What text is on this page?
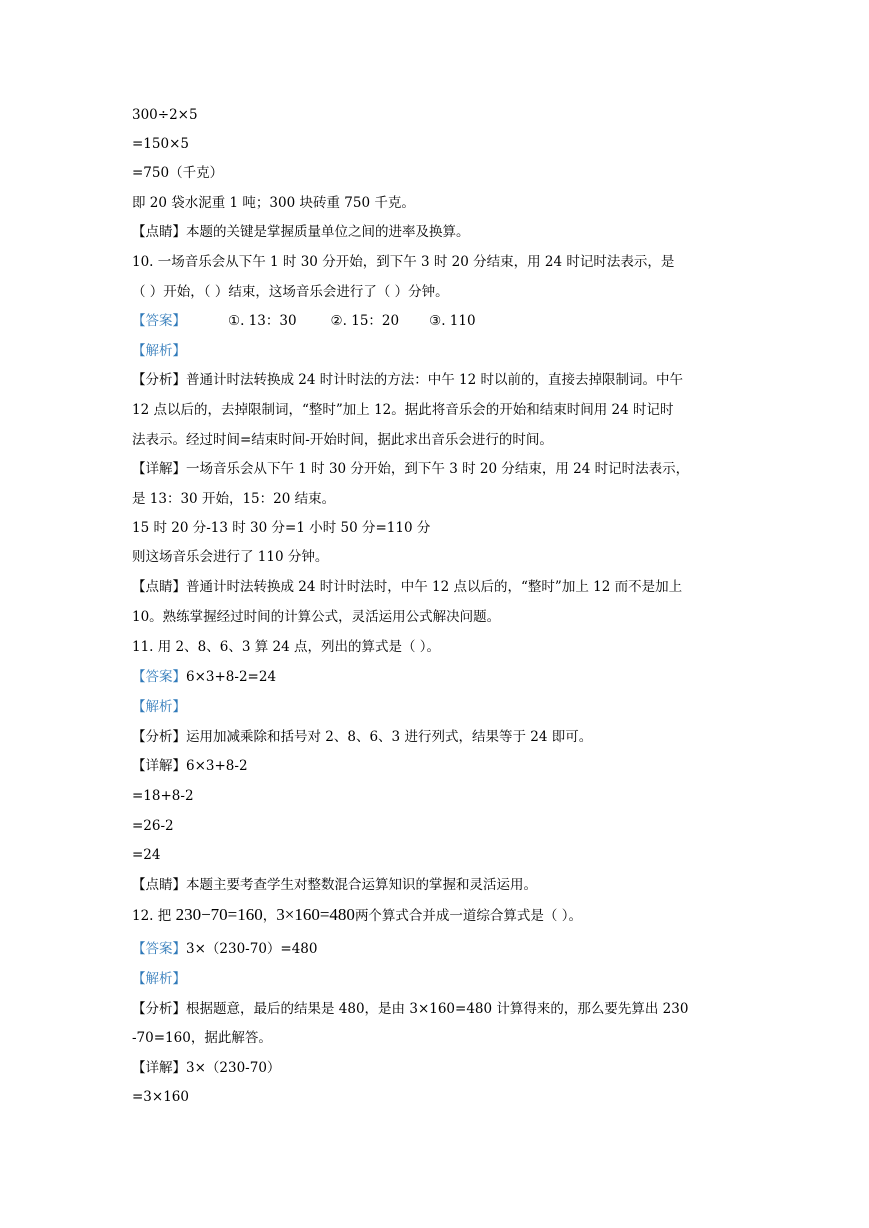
300÷2×5
=150×5
=750（千克）
即 20 袋水泥重 1 吨；300 块砖重 750 千克。
【点睛】本题的关键是掌握质量单位之间的进率及换算。
10. 一场音乐会从下午 1 时 30 分开始，到下午 3 时 20 分结束，用 24 时记时法表示，是
（ ）开始，（ ）结束，这场音乐会进行了（ ）分钟。
【答案】	①. 13：30	②. 15：20 ③. 110
【解析】
【分析】普通计时法转换成 24 时计时法的方法：中午 12 时以前的，直接去掉限制词。中午
12 点以后的，去掉限制词，“整时”加上 12。据此将音乐会的开始和结束时间用 24 时记时
法表示。经过时间=结束时间-开始时间，据此求出音乐会进行的时间。
【详解】一场音乐会从下午 1 时 30 分开始，到下午 3 时 20 分结束，用 24 时记时法表示，
是 13：30 开始，15：20 结束。
15 时 20 分-13 时 30 分=1 小时 50 分=110 分
则这场音乐会进行了 110 分钟。
【点睛】普通计时法转换成 24 时计时法时，中午 12 点以后的，“整时”加上 12 而不是加上
10。熟练掌握经过时间的计算公式，灵活运用公式解决问题。
11. 用 2、8、6、3 算 24 点，列出的算式是（ ）。
【答案】6×3+8-2=24
【解析】
【分析】运用加减乘除和括号对 2、8、6、3 进行列式，结果等于 24 即可。
【详解】6×3+8-2
=18+8-2
=26-2
=24
【点睛】本题主要考查学生对整数混合运算知识的掌握和灵活运用。
12. 把 230−70=160，3×160=480两个算式合并成一道综合算式是（ ）。
【答案】3×（230-70）=480
【解析】
【分析】根据题意，最后的结果是 480，是由 3×160=480 计算得来的，那么要先算出 230
-70=160，据此解答。
【详解】3×（230-70）
=3×160
